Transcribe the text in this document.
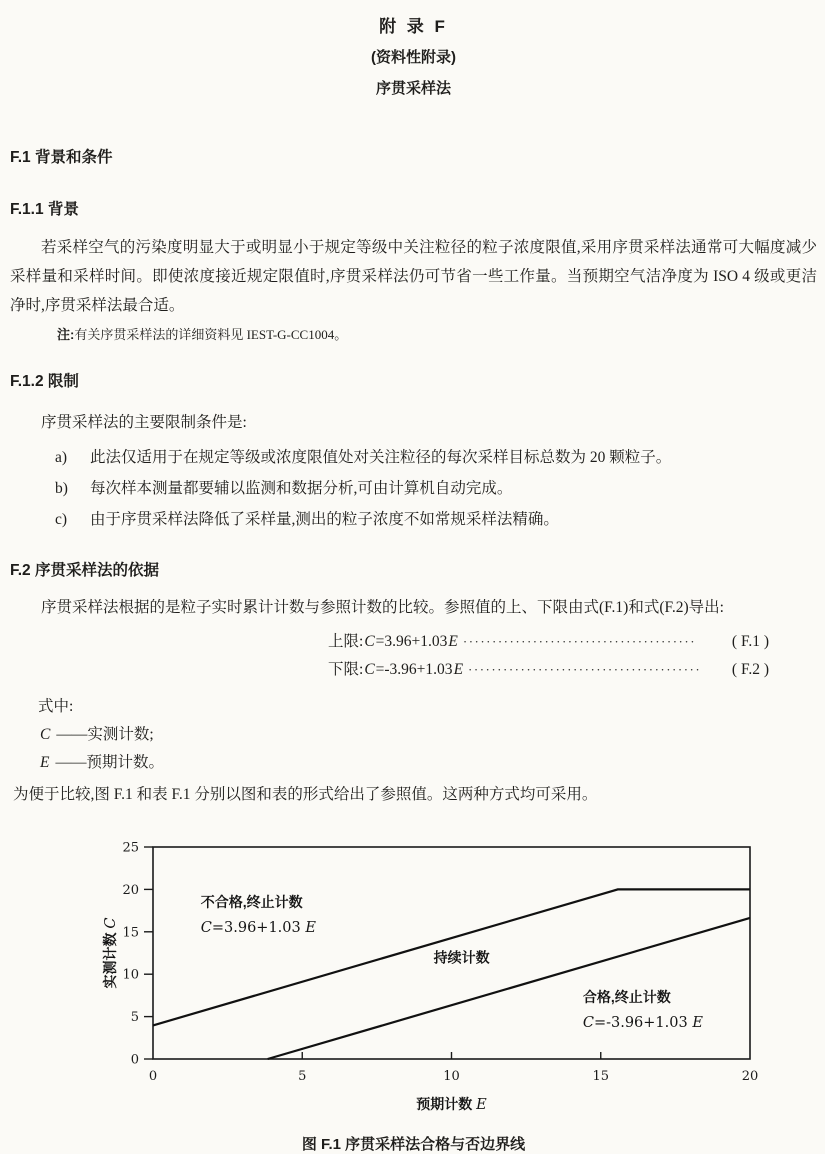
附 录 F
(资料性附录)
序贯采样法
F.1 背景和条件
F.1.1 背景
若采样空气的污染度明显大于或明显小于规定等级中关注粒径的粒子浓度限值,采用序贯采样法通常可大幅度减少采样量和采样时间。即使浓度接近规定限值时,序贯采样法仍可节省一些工作量。当预期空气洁净度为 ISO 4 级或更洁净时,序贯采样法最合适。
注:有关序贯采样法的详细资料见 IEST-G-CC1004。
F.1.2 限制
序贯采样法的主要限制条件是:
a)	此法仅适用于在规定等级或浓度限值处对关注粒径的每次采样目标总数为 20 颗粒子。
b)	每次样本测量都要辅以监测和数据分析,可由计算机自动完成。
c)	由于序贯采样法降低了采样量,测出的粒子浓度不如常规采样法精确。
F.2 序贯采样法的依据
序贯采样法根据的是粒子实时累计计数与参照计数的比较。参照值的上、下限由式(F.1)和式(F.2)导出:
上限: C =3.96+1.03 E ········································	( F.1 )
下限: C =-3.96+1.03 E ········································	( F.2 )
式中:
C ——实测计数;
E ——预期计数。
为便于比较,图 F.1 和表 F.1 分别以图和表的形式给出了参照值。这两种方式均可采用。
0
5
10
15
20
25
0	5	10	15	20
不合格,终止计数
C=3.96+1.03 E
持续计数
合格,终止计数
C=-3.96+1.03 E
预期计数 E
实测计数 C
图 F.1 序贯采样法合格与否边界线
